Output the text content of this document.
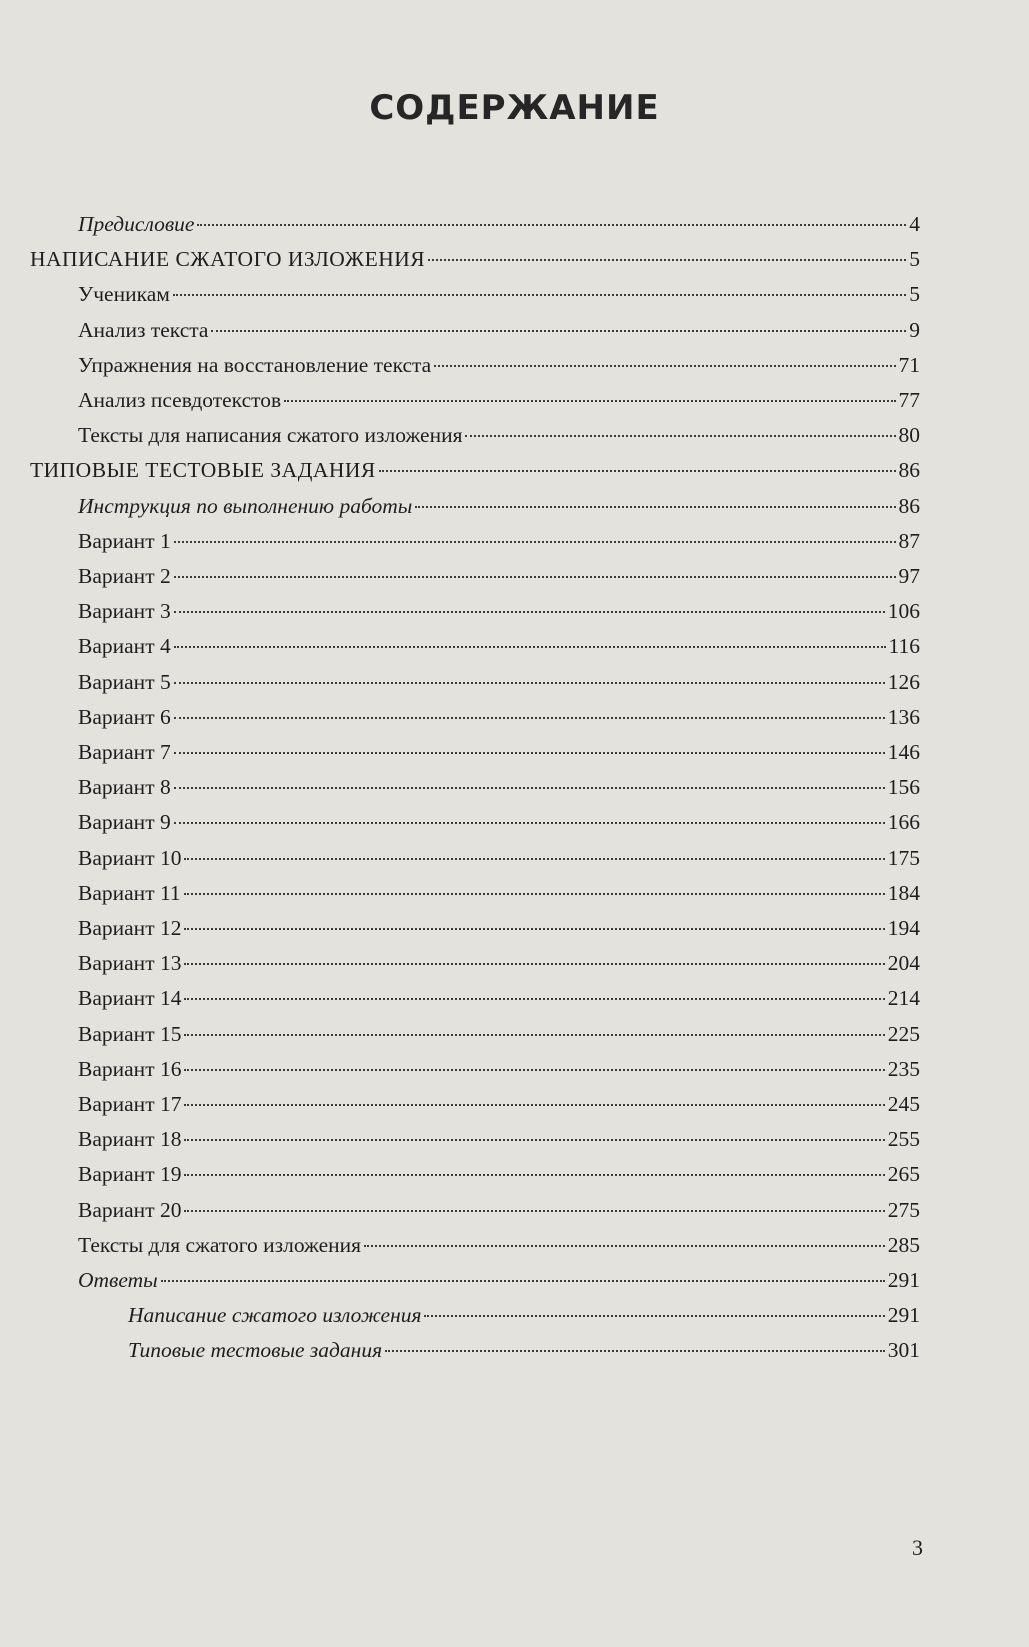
СОДЕРЖАНИЕ
Предисловие	4
НАПИСАНИЕ СЖАТОГО ИЗЛОЖЕНИЯ	5
Ученикам	5
Анализ текста	9
Упражнения на восстановление текста	71
Анализ псевдотекстов	77
Тексты для написания сжатого изложения	80
ТИПОВЫЕ ТЕСТОВЫЕ ЗАДАНИЯ	86
Инструкция по выполнению работы	86
Вариант 1	87
Вариант 2	97
Вариант 3	106
Вариант 4	116
Вариант 5	126
Вариант 6	136
Вариант 7	146
Вариант 8	156
Вариант 9	166
Вариант 10	175
Вариант 11	184
Вариант 12	194
Вариант 13	204
Вариант 14	214
Вариант 15	225
Вариант 16	235
Вариант 17	245
Вариант 18	255
Вариант 19	265
Вариант 20	275
Тексты для сжатого изложения	285
Ответы	291
Написание сжатого изложения	291
Типовые тестовые задания	301
3
